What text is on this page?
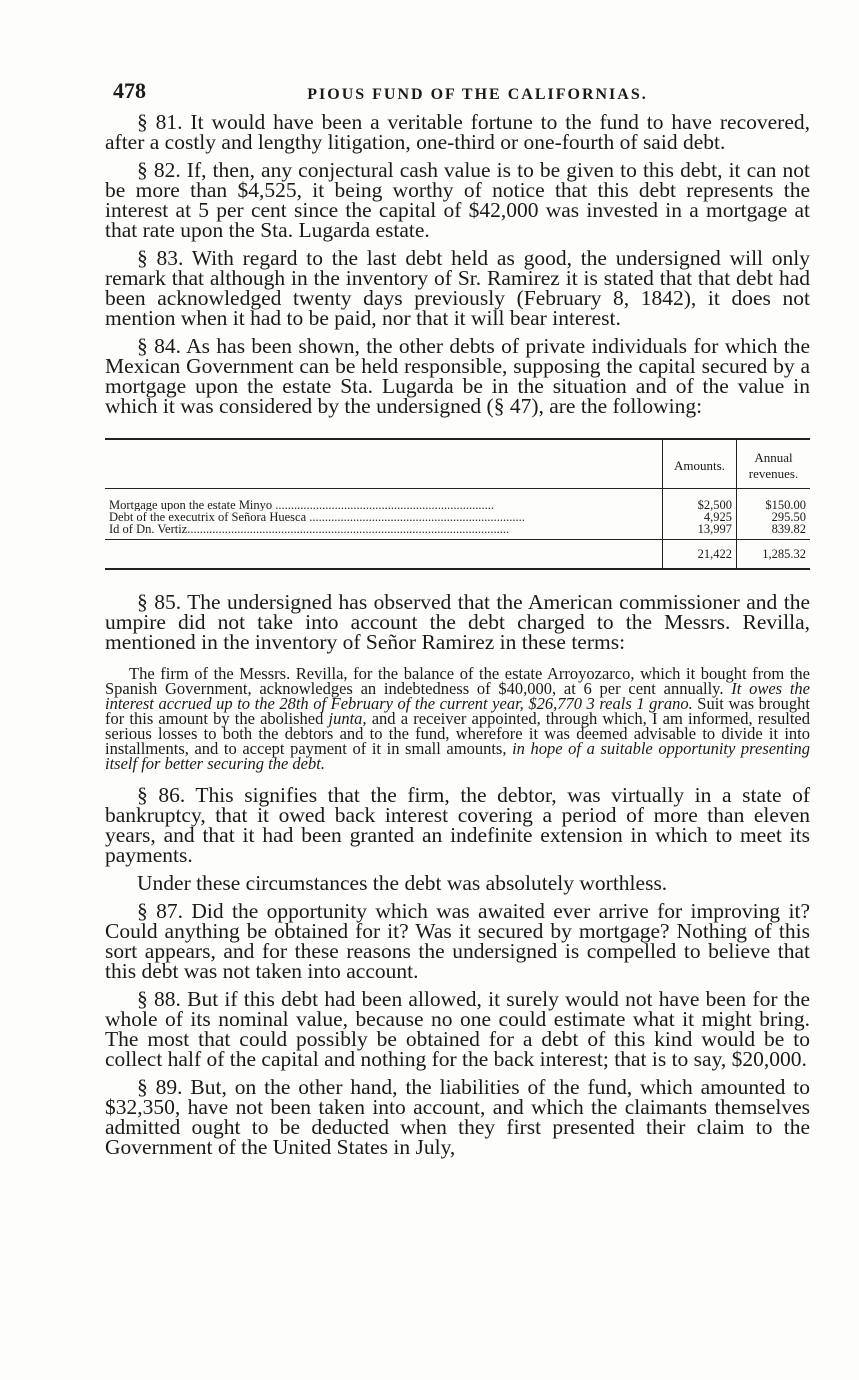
478	PIOUS FUND OF THE CALIFORNIAS.

§ 81. It would have been a veritable fortune to the fund to have recovered, after a costly and lengthy litigation, one-third or one-fourth of said debt.

§ 82. If, then, any conjectural cash value is to be given to this debt, it can not be more than $4,525, it being worthy of notice that this debt represents the interest at 5 per cent since the capital of $42,000 was invested in a mortgage at that rate upon the Sta. Lugarda estate.

§ 83. With regard to the last debt held as good, the undersigned will only remark that although in the inventory of Sr. Ramirez it is stated that that debt had been acknowledged twenty days previously (February 8, 1842), it does not mention when it had to be paid, nor that it will bear interest.

§ 84. As has been shown, the other debts of private individuals for which the Mexican Government can be held responsible, supposing the capital secured by a mortgage upon the estate Sta. Lugarda be in the situation and of the value in which it was considered by the undersigned (§ 47), are the following:

	Amounts.	Annual revenues.
Mortgage upon the estate Minyo ......................................................................	$2,500	$150.00
Debt of the executrix of Señora Huesca .....................................................................	4,925	295.50
Id of Dn. Vertiz.......................................................................................................	13,997	839.82
	21,422	1,285.32

§ 85. The undersigned has observed that the American commissioner and the umpire did not take into account the debt charged to the Messrs. Revilla, mentioned in the inventory of Señor Ramirez in these terms:

The firm of the Messrs. Revilla, for the balance of the estate Arroyozarco, which it bought from the Spanish Government, acknowledges an indebtedness of $40,000, at 6 per cent annually. It owes the interest accrued up to the 28th of February of the current year, $26,770 3 reals 1 grano. Suit was brought for this amount by the abolished junta, and a receiver appointed, through which, I am informed, resulted serious losses to both the debtors and to the fund, wherefore it was deemed advisable to divide it into installments, and to accept payment of it in small amounts, in hope of a suitable opportunity presenting itself for better securing the debt.

§ 86. This signifies that the firm, the debtor, was virtually in a state of bankruptcy, that it owed back interest covering a period of more than eleven years, and that it had been granted an indefinite extension in which to meet its payments.

Under these circumstances the debt was absolutely worthless.

§ 87. Did the opportunity which was awaited ever arrive for improving it? Could anything be obtained for it? Was it secured by mortgage? Nothing of this sort appears, and for these reasons the undersigned is compelled to believe that this debt was not taken into account.

§ 88. But if this debt had been allowed, it surely would not have been for the whole of its nominal value, because no one could estimate what it might bring. The most that could possibly be obtained for a debt of this kind would be to collect half of the capital and nothing for the back interest; that is to say, $20,000.

§ 89. But, on the other hand, the liabilities of the fund, which amounted to $32,350, have not been taken into account, and which the claimants themselves admitted ought to be deducted when they first presented their claim to the Government of the United States in July,
